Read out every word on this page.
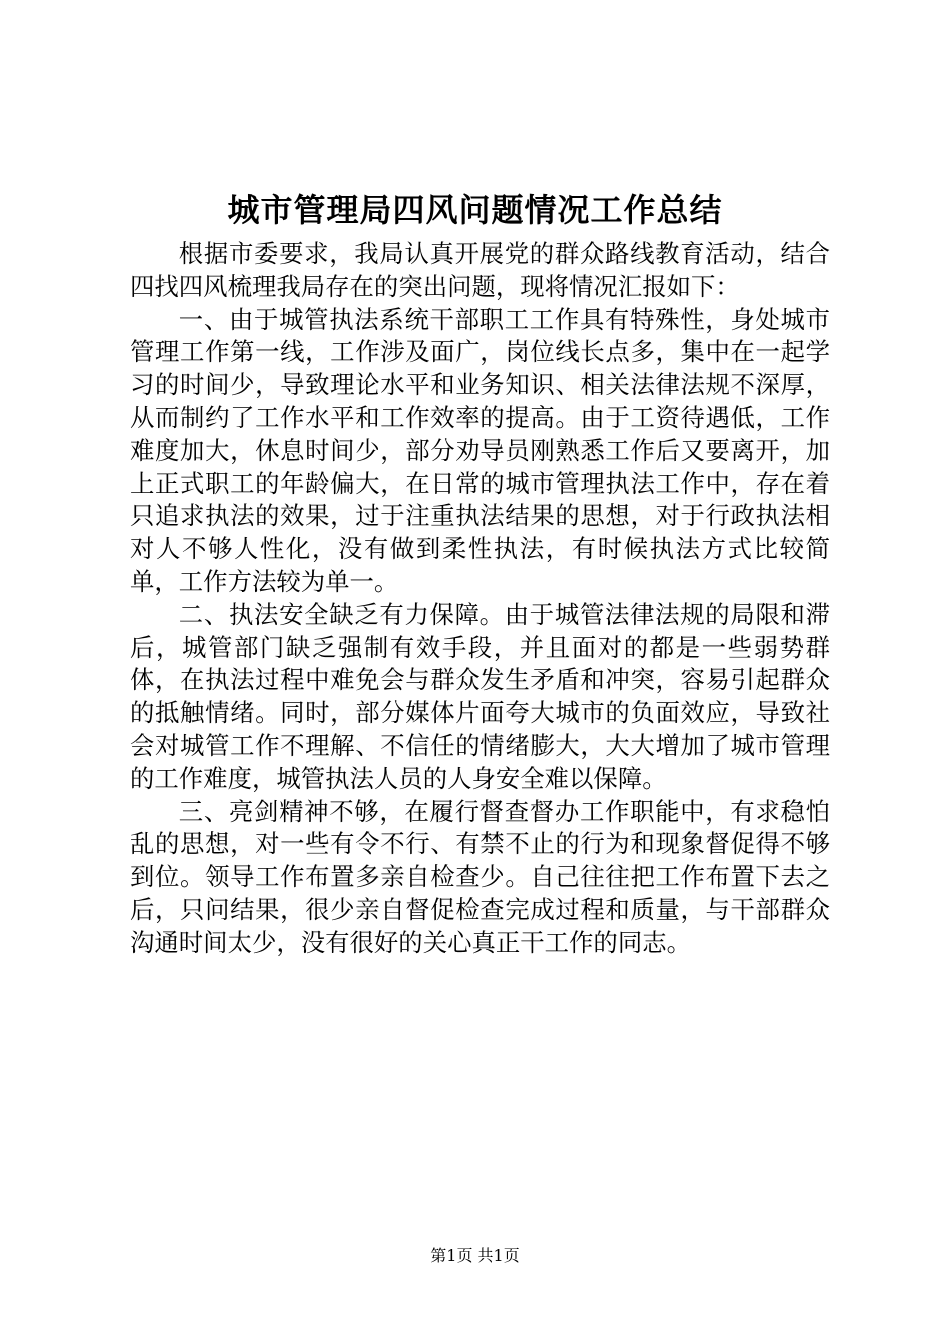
城市管理局四风问题情况工作总结

根据市委要求，我局认真开展党的群众路线教育活动，结合四找四风梳理我局存在的突出问题，现将情况汇报如下：

一、由于城管执法系统干部职工工作具有特殊性，身处城市管理工作第一线，工作涉及面广，岗位线长点多，集中在一起学习的时间少，导致理论水平和业务知识、相关法律法规不深厚，从而制约了工作水平和工作效率的提高。由于工资待遇低，工作难度加大，休息时间少，部分劝导员刚熟悉工作后又要离开，加上正式职工的年龄偏大，在日常的城市管理执法工作中，存在着只追求执法的效果，过于注重执法结果的思想，对于行政执法相对人不够人性化，没有做到柔性执法，有时候执法方式比较简单，工作方法较为单一。

二、执法安全缺乏有力保障。由于城管法律法规的局限和滞后，城管部门缺乏强制有效手段，并且面对的都是一些弱势群体，在执法过程中难免会与群众发生矛盾和冲突，容易引起群众的抵触情绪。同时，部分媒体片面夸大城市的负面效应，导致社会对城管工作不理解、不信任的情绪膨大，大大增加了城市管理的工作难度，城管执法人员的人身安全难以保障。

三、亮剑精神不够，在履行督查督办工作职能中，有求稳怕乱的思想，对一些有令不行、有禁不止的行为和现象督促得不够到位。领导工作布置多亲自检查少。自己往往把工作布置下去之后，只问结果，很少亲自督促检查完成过程和质量，与干部群众沟通时间太少，没有很好的关心真正干工作的同志。

第1页 共1页
